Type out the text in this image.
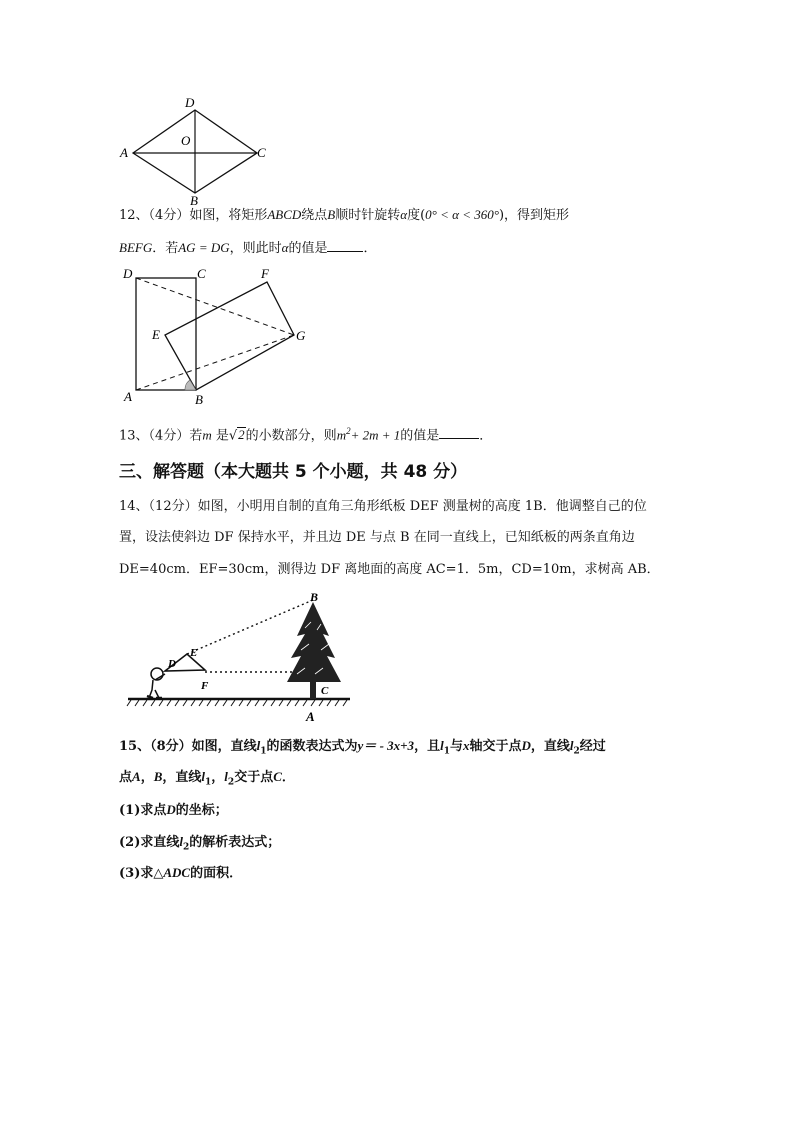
D
O
A	C
B
12、（4分）如图，将矩形ABCD绕点B顺时针旋转α度(0° < α < 360°)，得到矩形
BEFG．若AG = DG，则此时α的值是	．
D	C	F
E	G
A	B
13、（4分）若m 是√2的小数部分，则$m^2+ 2m + 1$的值是	．
三、解答题（本大题共 5 个小题，共 48 分）
14、（12分）如图，小明用自制的直角三角形纸板 DEF 测量树的高度 1B．他调整自己的位
置，设法使斜边 DF 保持水平，并且边 DE 与点 B 在同一直线上，已知纸板的两条直角边
DE=40cm．EF=30cm，测得边 DF 离地面的高度 AC=1．5m，CD=10m，求树高 AB．
B
E
D
F	C
A
15、（8分）如图，直线$l_1$的函数表达式为y＝ - 3x+3，且$l_1$与x轴交于点D，直线$l_2$经过
点A，B，直线$l_1$，$l_2$交于点C．
(1)求点D的坐标；
(2)求直线$l_2$的解析表达式；
(3)求△ADC的面积．
